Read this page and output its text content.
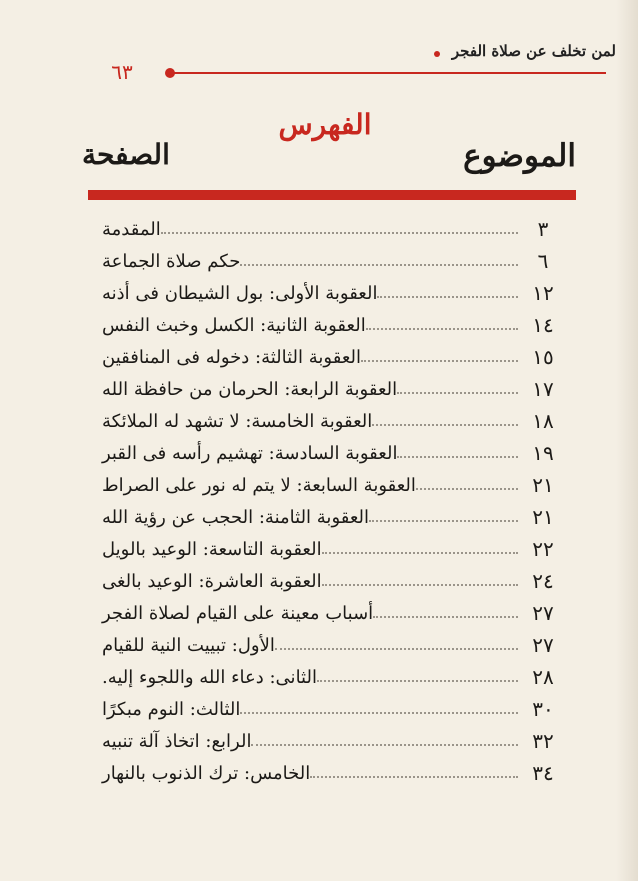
لمن تخلف عن صلاة الفجر
٦٣
الفهرس
الموضوع
الصفحة
المقدمة	٣
حكم صلاة الجماعة	٦
العقوبة الأولى: بول الشيطان فى أذنه	١٢
العقوبة الثانية: الكسل وخبث النفس	١٤
العقوبة الثالثة: دخوله فى المنافقين	١٥
العقوبة الرابعة: الحرمان من حافظة الله	١٧
العقوبة الخامسة: لا تشهد له الملائكة	١٨
العقوبة السادسة: تهشيم رأسه فى القبر	١٩
العقوبة السابعة: لا يتم له نور على الصراط	٢١
العقوبة الثامنة: الحجب عن رؤية الله	٢١
العقوبة التاسعة: الوعيد بالويل	٢٢
العقوبة العاشرة: الوعيد بالغى	٢٤
أسباب معينة على القيام لصلاة الفجر	٢٧
الأول: تبييت النية للقيام	٢٧
الثانى: دعاء الله واللجوء إليه.	٢٨
الثالث: النوم مبكرًا	٣٠
الرابع: اتخاذ آلة تنبيه	٣٢
الخامس: ترك الذنوب بالنهار	٣٤
